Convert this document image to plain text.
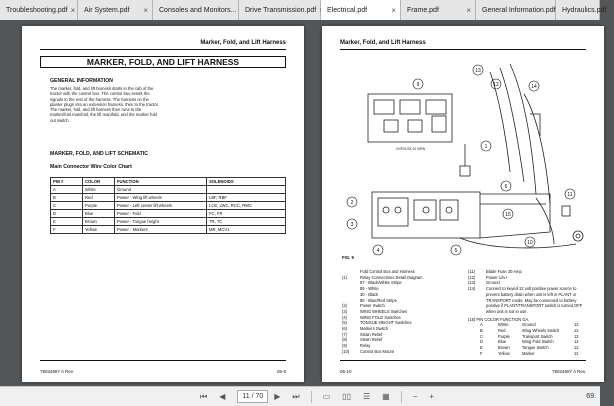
Troubleshooting.pdf × Air System.pdf	× Consoles and Monitors... Drive Transmission.pdf Electrical.pdf	× Frame.pdf	× General Information.pdf Hydraulics.pdf ×
Marker, Fold, and Lift Harness
MARKER, FOLD, AND LIFT HARNESS
GENERAL INFORMATION
The marker, fold, and lift harness starts in the cab of the tractor with the control box. The control box sends the signals to the rest of the harness. The harness on the planter plugs into an extension harness, then to the tractor. The marker, fold, and lift harness then runs to the marker/fold manifold, the lift manifold, and the marker fold out switch.
MARKER, FOLD, AND LIFT SCHEMATIC
Main Connector Wire Color Chart
PIN #	COLOR	FUNCTION	SOLENOIDS
A	White	Ground	
B	Red	Power - Wing lift wheels	LBF, RBF
C	Purple	Power - Left center lift wheels	LCE, LWC, RCC, RWC
D	Blue	Power - Fold	FC, FR
E	Brown	Power - Tongue height	TR, TC
F	Yellow	Power - Markers	MR, MCV1
79034987 A Rev.	06-9
Marker, Fold, and Lift Harness
13
12	14
6
1
9
2
3
4	5
10
11
15
CNTRL BX 10 VIEW
FIG. 9
Fold Control Box and Harness
(1)	Relay Connections Detail Diagram
87 - Black/White Stripe
85 - White
30 - Black
86 - Blue/Red Stripe
(2)	Power Switch
(3)	WING WHEELS Switches
(4)	WING FOLD Switches
(5)	TONGUE HEIGHT Switches
(6)	Markers Switch
(7)	Strain Relief
(8)	Strain Relief
(9)	Relay
(10)	Control Box Mount
(11)	Blade Fuse 30 Amp
(12)	Power 12v+
(13)	Ground
(14)	Connect to keyed 12 volt positive power source to prevent battery drain when unit is left in PLANT or TRANSPORT mode. May be connected to battery positive if PLANT/TRANSPORT switch is turned OFF when unit is not in use.
(15) PIN COLOR FUNCTION GA.
A	White	Ground	12
B	Red	Wing Wheels Switch	12
C	Purple	Transport Switch	12
D	Blue	Wing Fold Switch	12
E	Brown	Tongue Switch	12
F	Yellow	Marker	12
06-10	79034987 A Rev.
⏮ ◀	11 / 70	▶ ⏭	▭ ▯▯ ☰ ▦	− +	69.
